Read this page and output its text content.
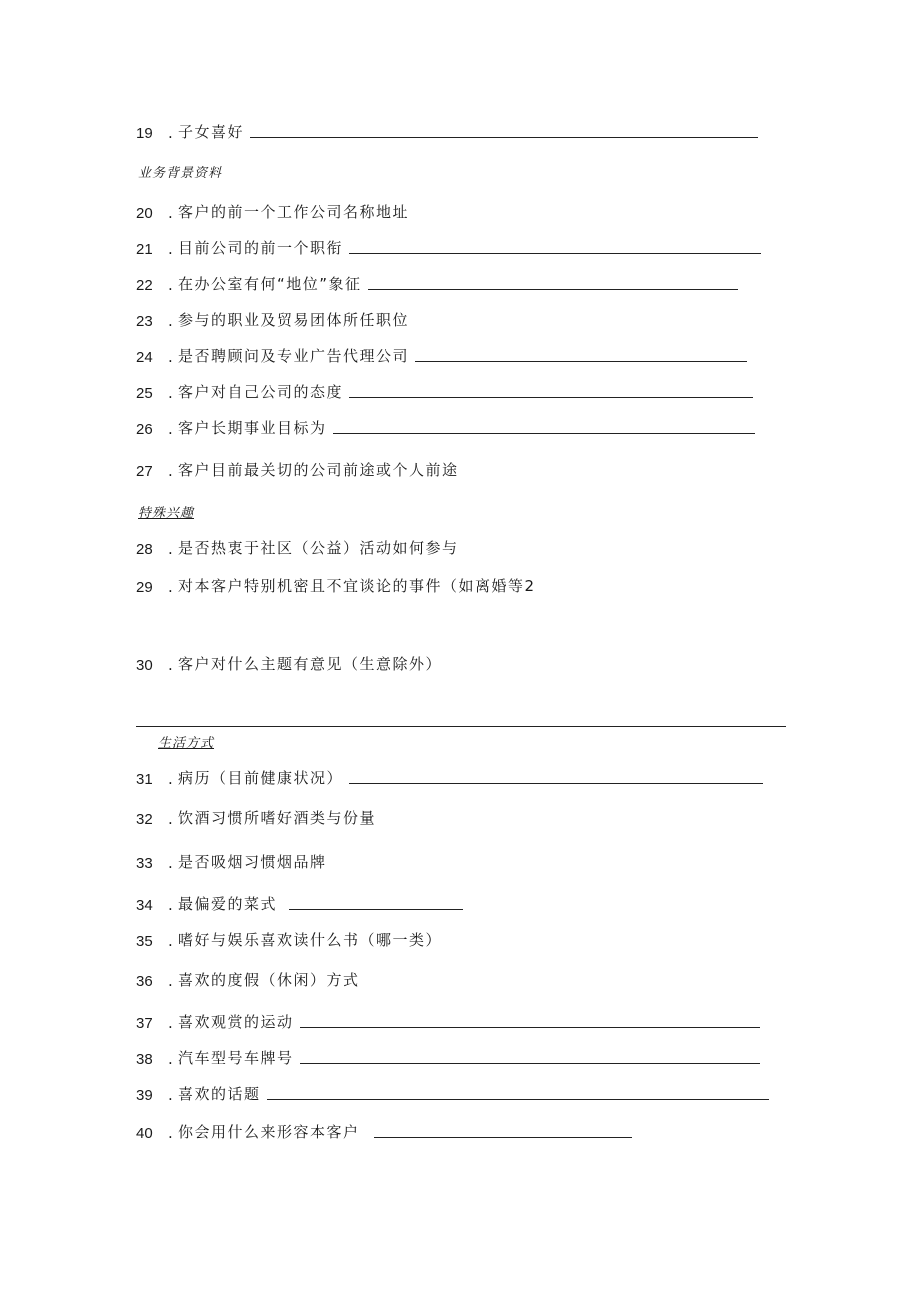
19	. 子女喜好
业务背景资料
20	. 客户的前一个工作公司名称地址
21	. 目前公司的前一个职衔
22	. 在办公室有何“地位”象征
23	. 参与的职业及贸易团体所任职位
24	. 是否聘顾问及专业广告代理公司
25	. 客户对自己公司的态度
26	. 客户长期事业目标为
27	. 客户目前最关切的公司前途或个人前途
特殊兴趣
28	. 是否热衷于社区（公益）活动如何参与
29	. 对本客户特别机密且不宜谈论的事件（如离婚等2
30	. 客户对什么主题有意见（生意除外）
生活方式
31	. 病历（目前健康状况）
32	. 饮酒习惯所嗜好酒类与份量
33	. 是否吸烟习惯烟品牌
34	. 最偏爱的菜式
35	. 嗜好与娱乐喜欢读什么书（哪一类）
36	. 喜欢的度假（休闲）方式
37	. 喜欢观赏的运动
38	. 汽车型号车牌号
39	. 喜欢的话题
40	. 你会用什么来形容本客户
